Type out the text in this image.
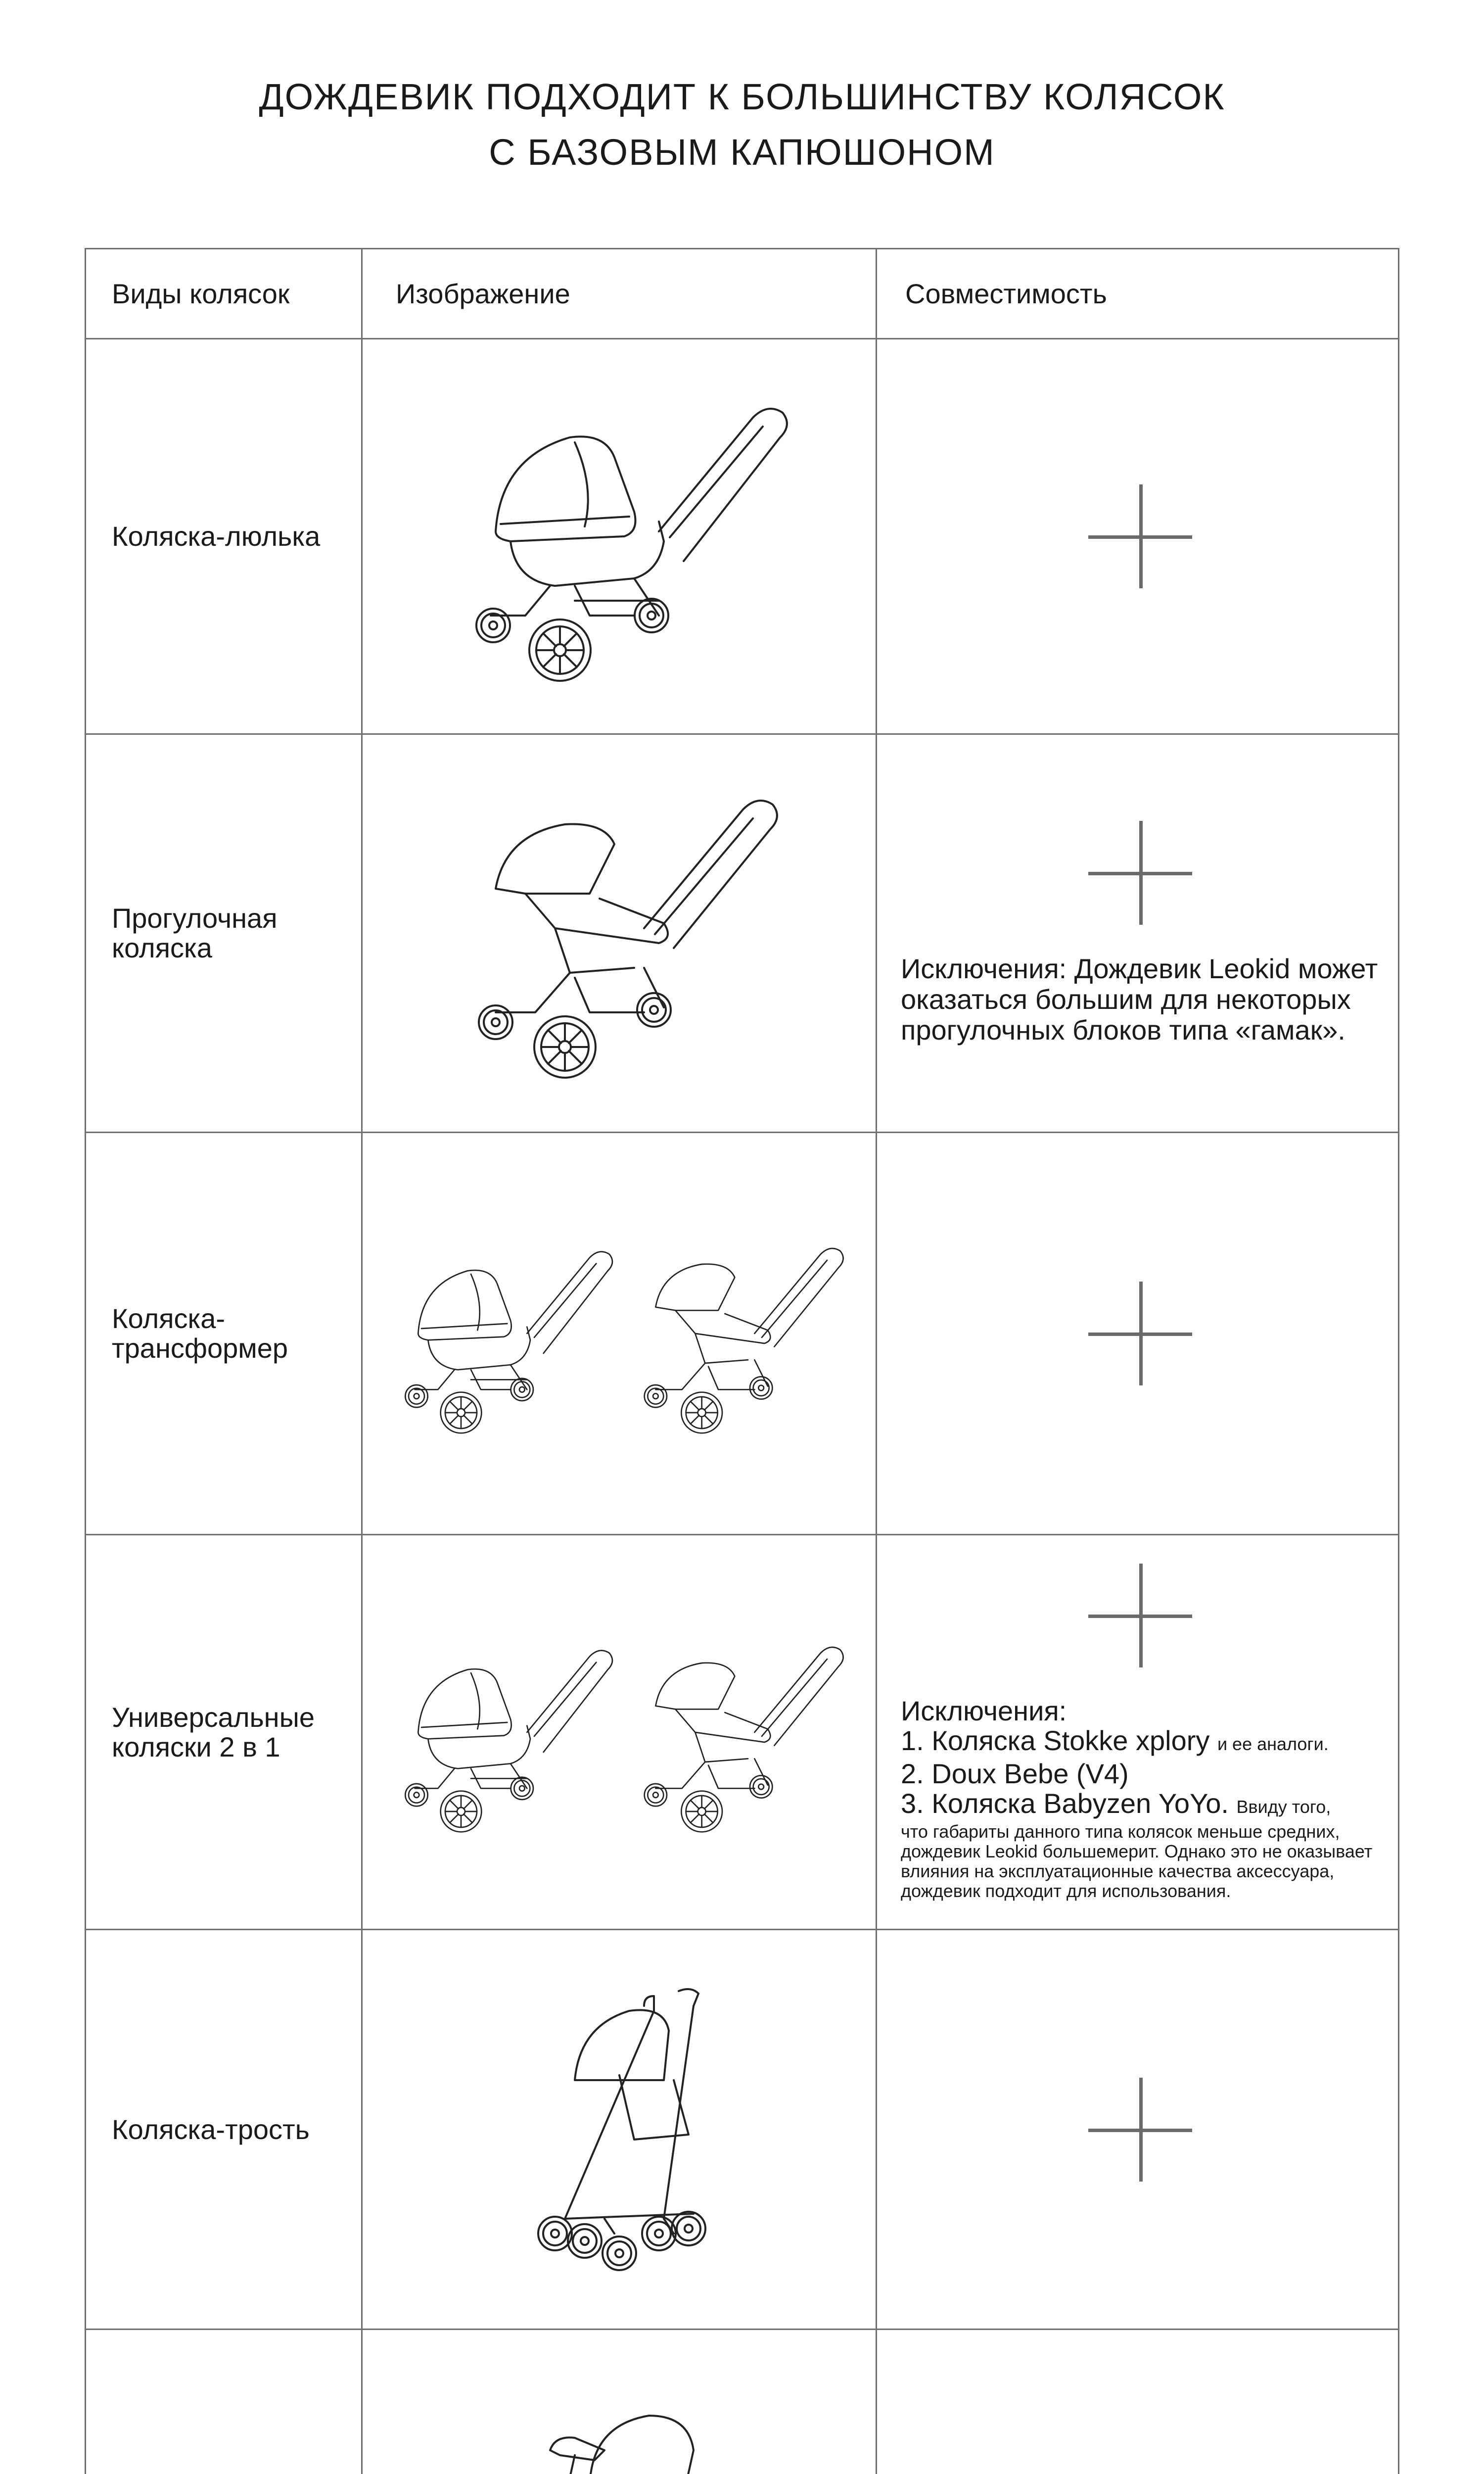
ДОЖДЕВИК ПОДХОДИТ К БОЛЬШИНСТВУ КОЛЯСОК
С БАЗОВЫМ КАПЮШОНОМ
Виды колясок	Изображение	Совместимость
Коляска-люлька
Прогулочная
коляска
Исключения: Дождевик Leokid может оказаться большим для некоторых прогулочных блоков типа «гамак».
Коляска-
трансформер
Универсальные
коляски 2 в 1
Исключения:
1. Коляска Stokke xplory и ее аналоги.
2. Doux Bebe (V4)
3. Коляска Babyzen YoYo. Ввиду того,
что габариты данного типа колясок меньше средних, дождевик Leokid большемерит. Однако это не оказывает влияния на эксплуатационные качества аксессуара, дождевик подходит для использования.
Коляска-трость
